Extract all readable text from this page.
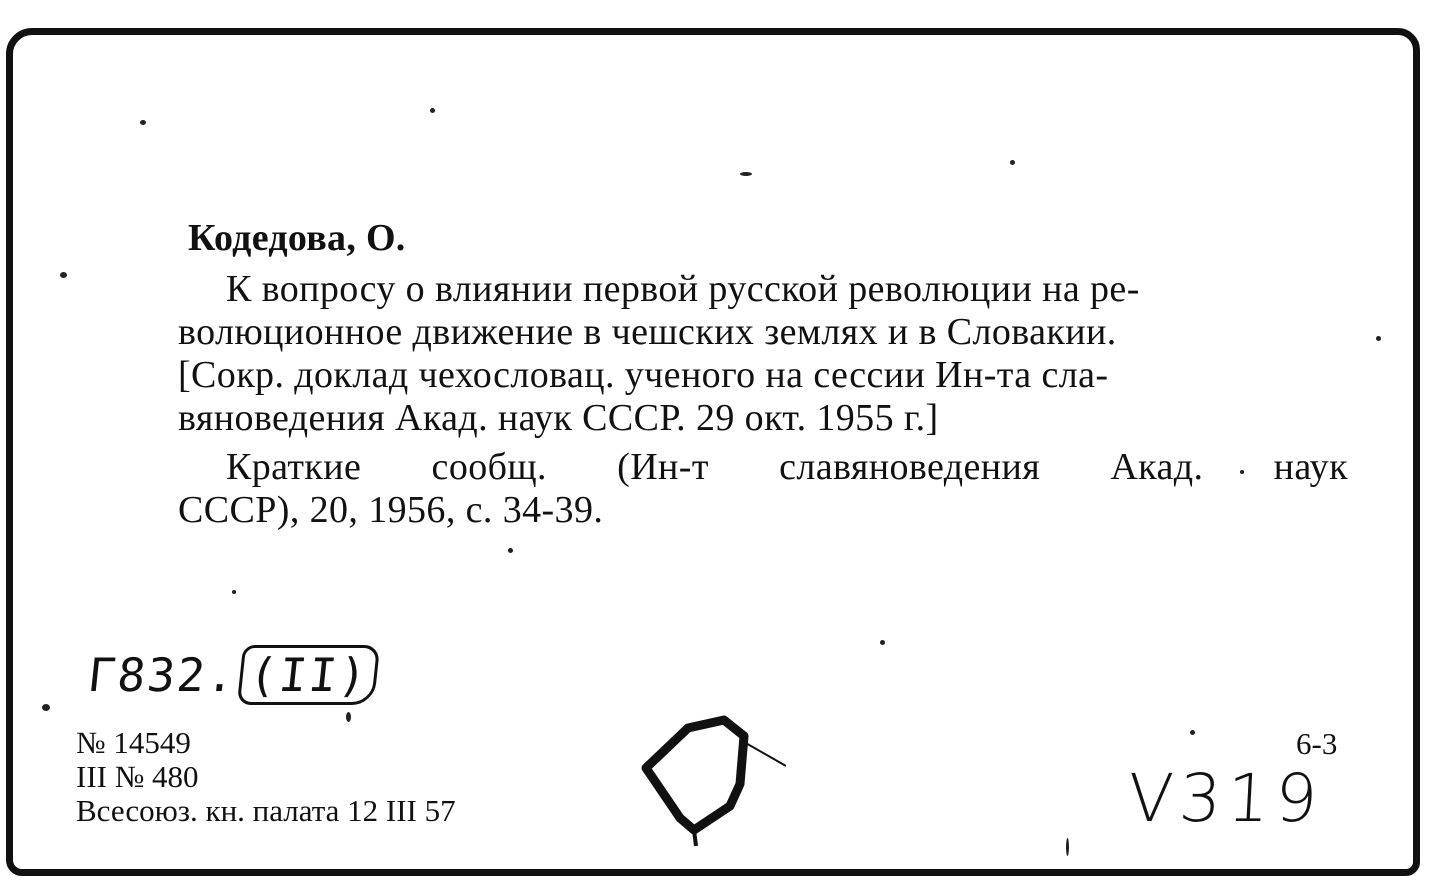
Кодедова, О.
К вопросу о влиянии первой русской революции на ре-
волюционное движение в чешских землях и в Словакии.
[Сокр. доклад чехословац. ученого на сессии Ин-та сла-
вяноведения Акад. наук СССР. 29 окт. 1955 г.]
Краткие сообщ. (Ин-т славяноведения Акад. наук
СССР), 20, 1956, с. 34-39.
Г832. (II)
№ 14549
III № 480
Всесоюз. кн. палата 12 III 57
6-3
V319
